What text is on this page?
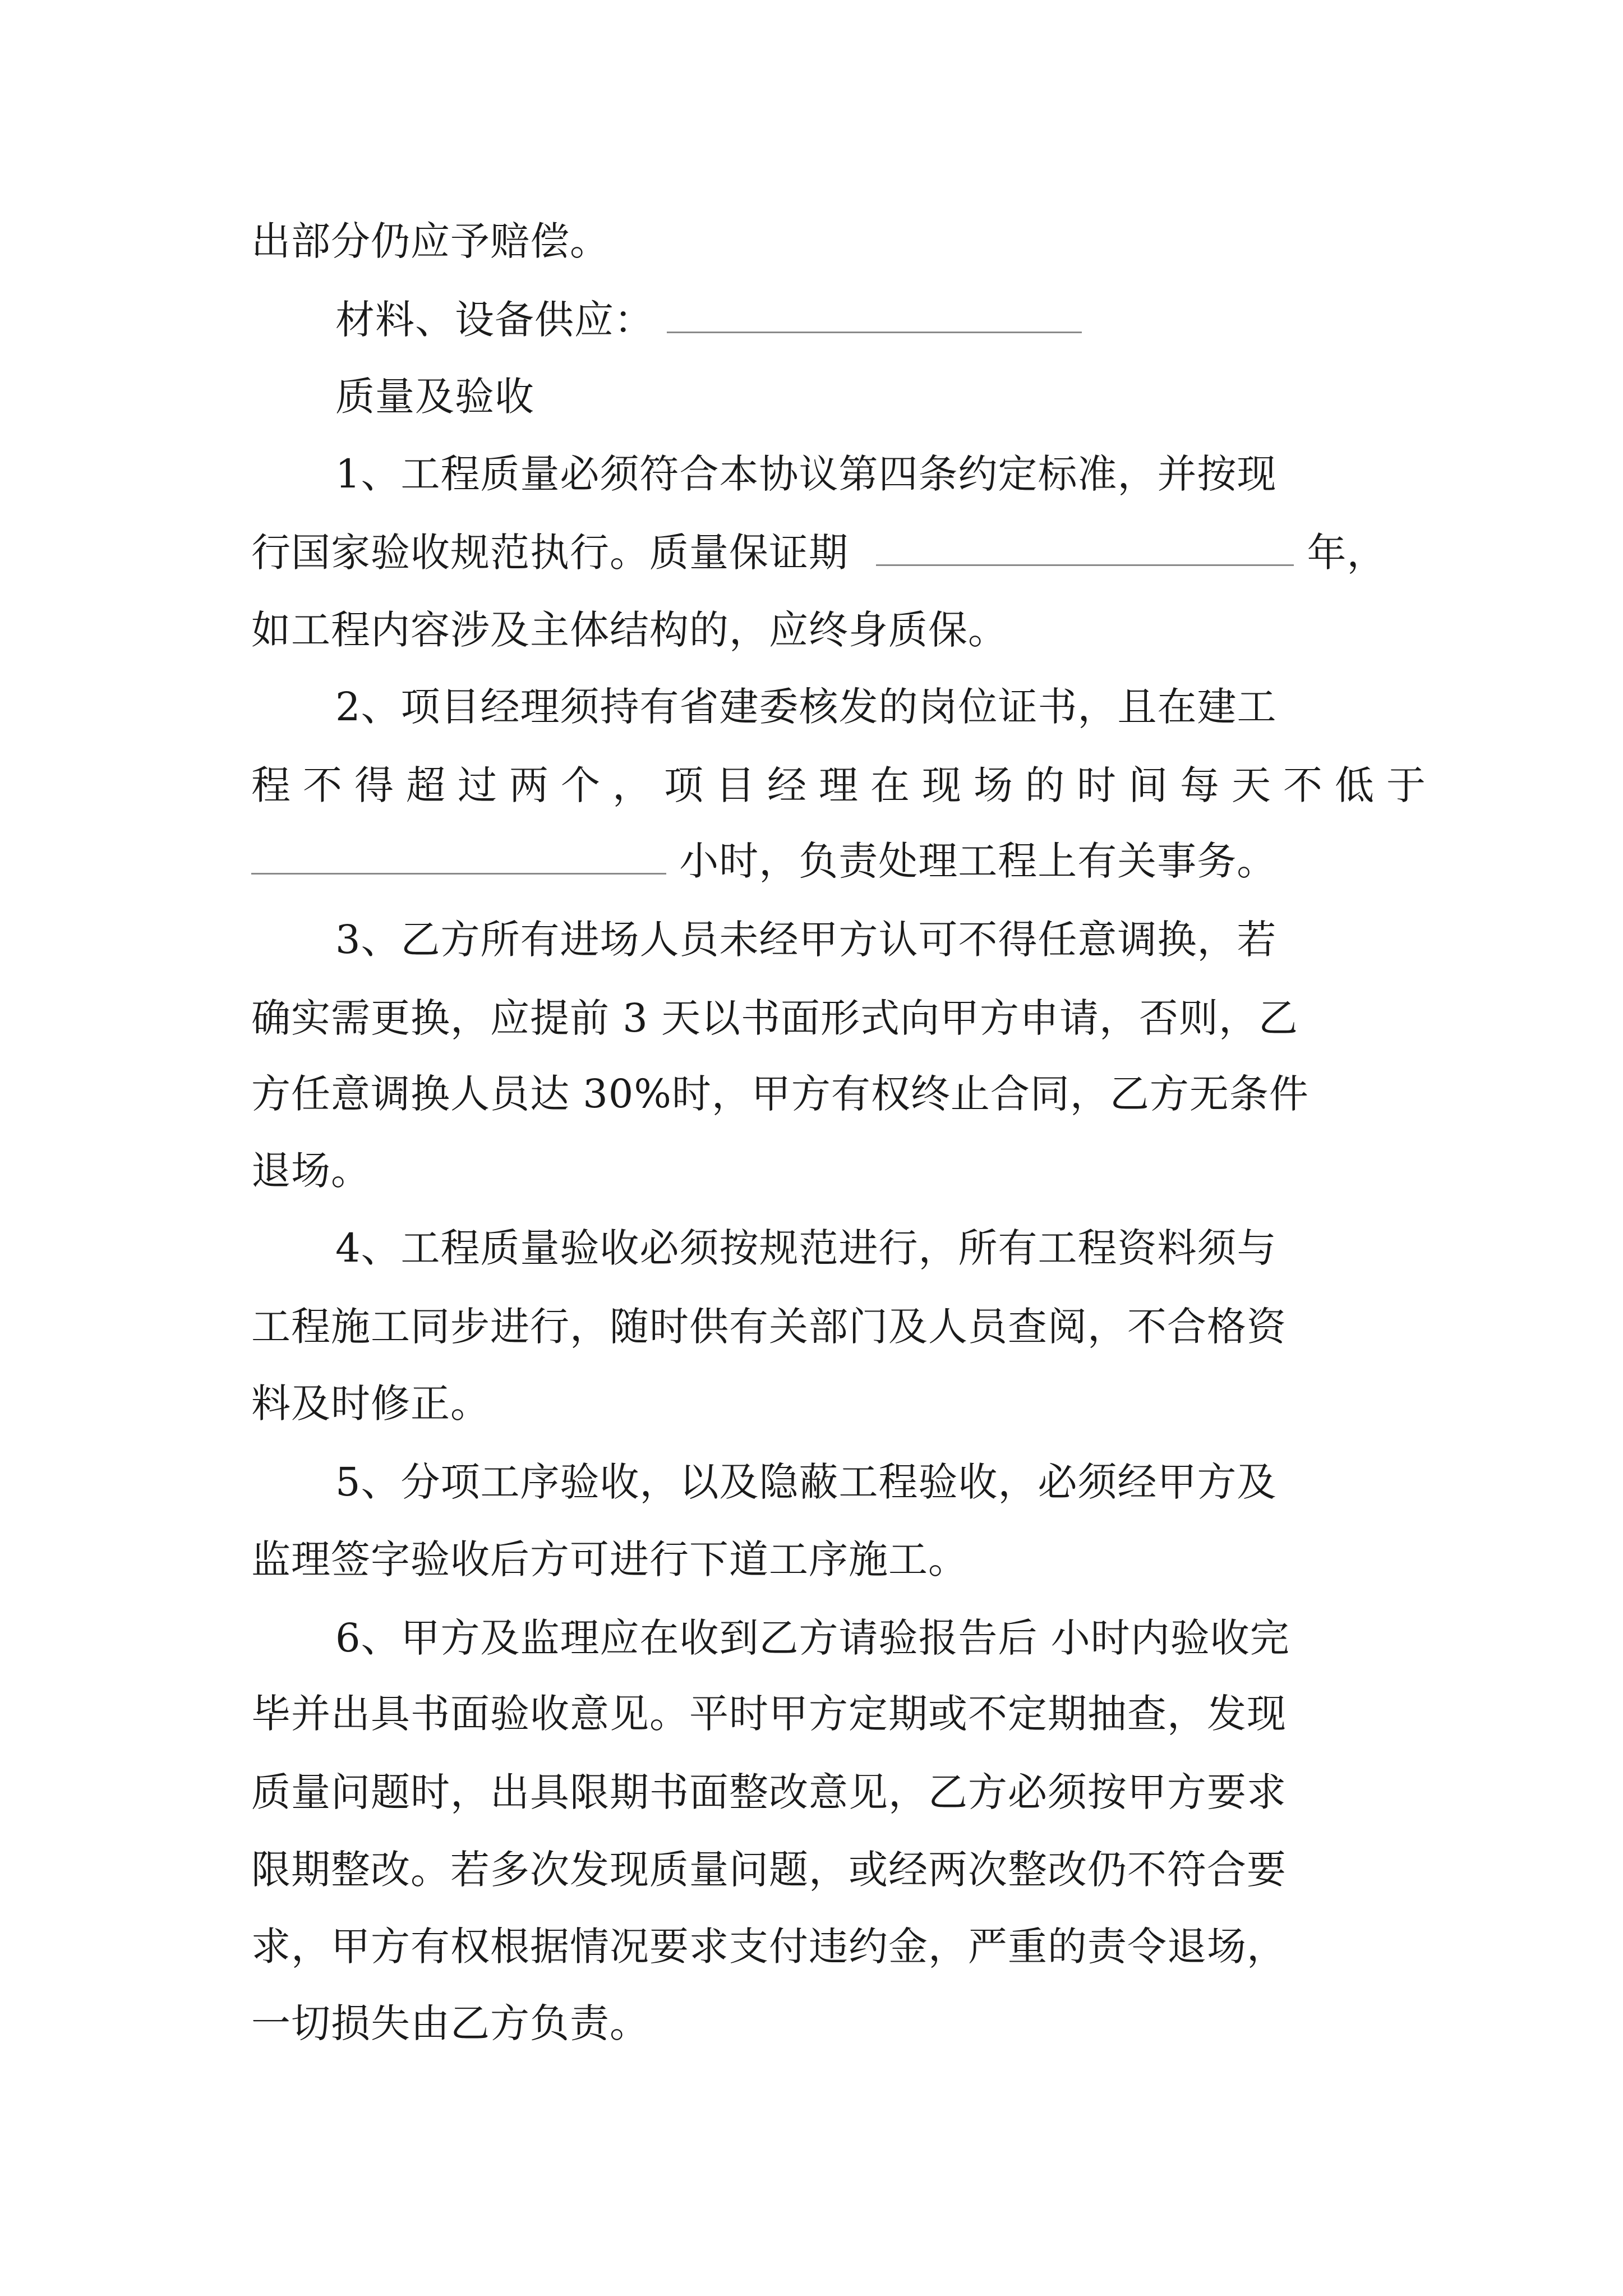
出部分仍应予赔偿。
材料、设备供应：
质量及验收
1、工程质量必须符合本协议第四条约定标准，并按现
行国家验收规范执行。质量保证期	年，
如工程内容涉及主体结构的，应终身质保。
2、项目经理须持有省建委核发的岗位证书，且在建工
程不得超过两个，项目经理在现场的时间每天不低于
小时，负责处理工程上有关事务。
3、乙方所有进场人员未经甲方认可不得任意调换，若
确实需更换，应提前 3 天以书面形式向甲方申请，否则，乙
方任意调换人员达 30%时，甲方有权终止合同，乙方无条件
退场。
4、工程质量验收必须按规范进行，所有工程资料须与
工程施工同步进行，随时供有关部门及人员查阅，不合格资
料及时修正。
5、分项工序验收，以及隐蔽工程验收，必须经甲方及
监理签字验收后方可进行下道工序施工。
6、甲方及监理应在收到乙方请验报告后 小时内验收完
毕并出具书面验收意见。平时甲方定期或不定期抽查，发现
质量问题时，出具限期书面整改意见，乙方必须按甲方要求
限期整改。若多次发现质量问题，或经两次整改仍不符合要
求，甲方有权根据情况要求支付违约金，严重的责令退场，
一切损失由乙方负责。
